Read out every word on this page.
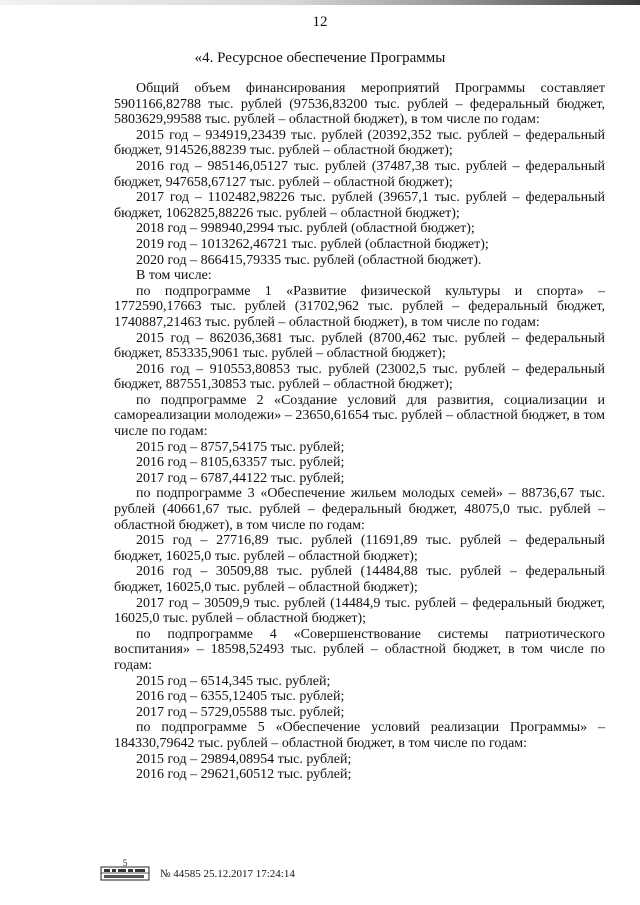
12
«4. Ресурсное обеспечение Программы

Общий объем финансирования мероприятий Программы составляет 5901166,82788 тыс. рублей (97536,83200 тыс. рублей – федеральный бюджет, 5803629,99588 тыс. рублей – областной бюджет), в том числе по годам:

2015 год – 934919,23439 тыс. рублей (20392,352 тыс. рублей – федеральный бюджет, 914526,88239 тыс. рублей – областной бюджет);

2016 год – 985146,05127 тыс. рублей (37487,38 тыс. рублей – федеральный бюджет, 947658,67127 тыс. рублей – областной бюджет);

2017 год – 1102482,98226 тыс. рублей (39657,1 тыс. рублей – федеральный бюджет, 1062825,88226 тыс. рублей – областной бюджет);

2018 год – 998940,2994 тыс. рублей (областной бюджет);

2019 год – 1013262,46721 тыс. рублей (областной бюджет);

2020 год – 866415,79335 тыс. рублей (областной бюджет).

В том числе:

по подпрограмме 1 «Развитие физической культуры и спорта» – 1772590,17663 тыс. рублей (31702,962 тыс. рублей – федеральный бюджет, 1740887,21463 тыс. рублей – областной бюджет), в том числе по годам:

2015 год – 862036,3681 тыс. рублей (8700,462 тыс. рублей – федеральный бюджет, 853335,9061 тыс. рублей – областной бюджет);

2016 год – 910553,80853 тыс. рублей (23002,5 тыс. рублей – федеральный бюджет, 887551,30853 тыс. рублей – областной бюджет);

по подпрограмме 2 «Создание условий для развития, социализации и самореализации молодежи» – 23650,61654 тыс. рублей – областной бюджет, в том числе по годам:

2015 год – 8757,54175 тыс. рублей;

2016 год – 8105,63357 тыс. рублей;

2017 год – 6787,44122 тыс. рублей;

по подпрограмме 3 «Обеспечение жильем молодых семей» – 88736,67 тыс. рублей (40661,67 тыс. рублей – федеральный бюджет, 48075,0 тыс. рублей – областной бюджет), в том числе по годам:

2015 год – 27716,89 тыс. рублей (11691,89 тыс. рублей – федеральный бюджет, 16025,0 тыс. рублей – областной бюджет);

2016 год – 30509,88 тыс. рублей (14484,88 тыс. рублей – федеральный бюджет, 16025,0 тыс. рублей – областной бюджет);

2017 год – 30509,9 тыс. рублей (14484,9 тыс. рублей – федеральный бюджет, 16025,0 тыс. рублей – областной бюджет);

по подпрограмме 4 «Совершенствование системы патриотического воспитания» – 18598,52493 тыс. рублей – областной бюджет, в том числе по годам:

2015 год – 6514,345 тыс. рублей;

2016 год – 6355,12405 тыс. рублей;

2017 год – 5729,05588 тыс. рублей;

по подпрограмме 5 «Обеспечение условий реализации Программы» – 184330,79642 тыс. рублей – областной бюджет, в том числе по годам:

2015 год – 29894,08954 тыс. рублей;

2016 год – 29621,60512 тыс. рублей;

5
№ 44585 25.12.2017 17:24:14
